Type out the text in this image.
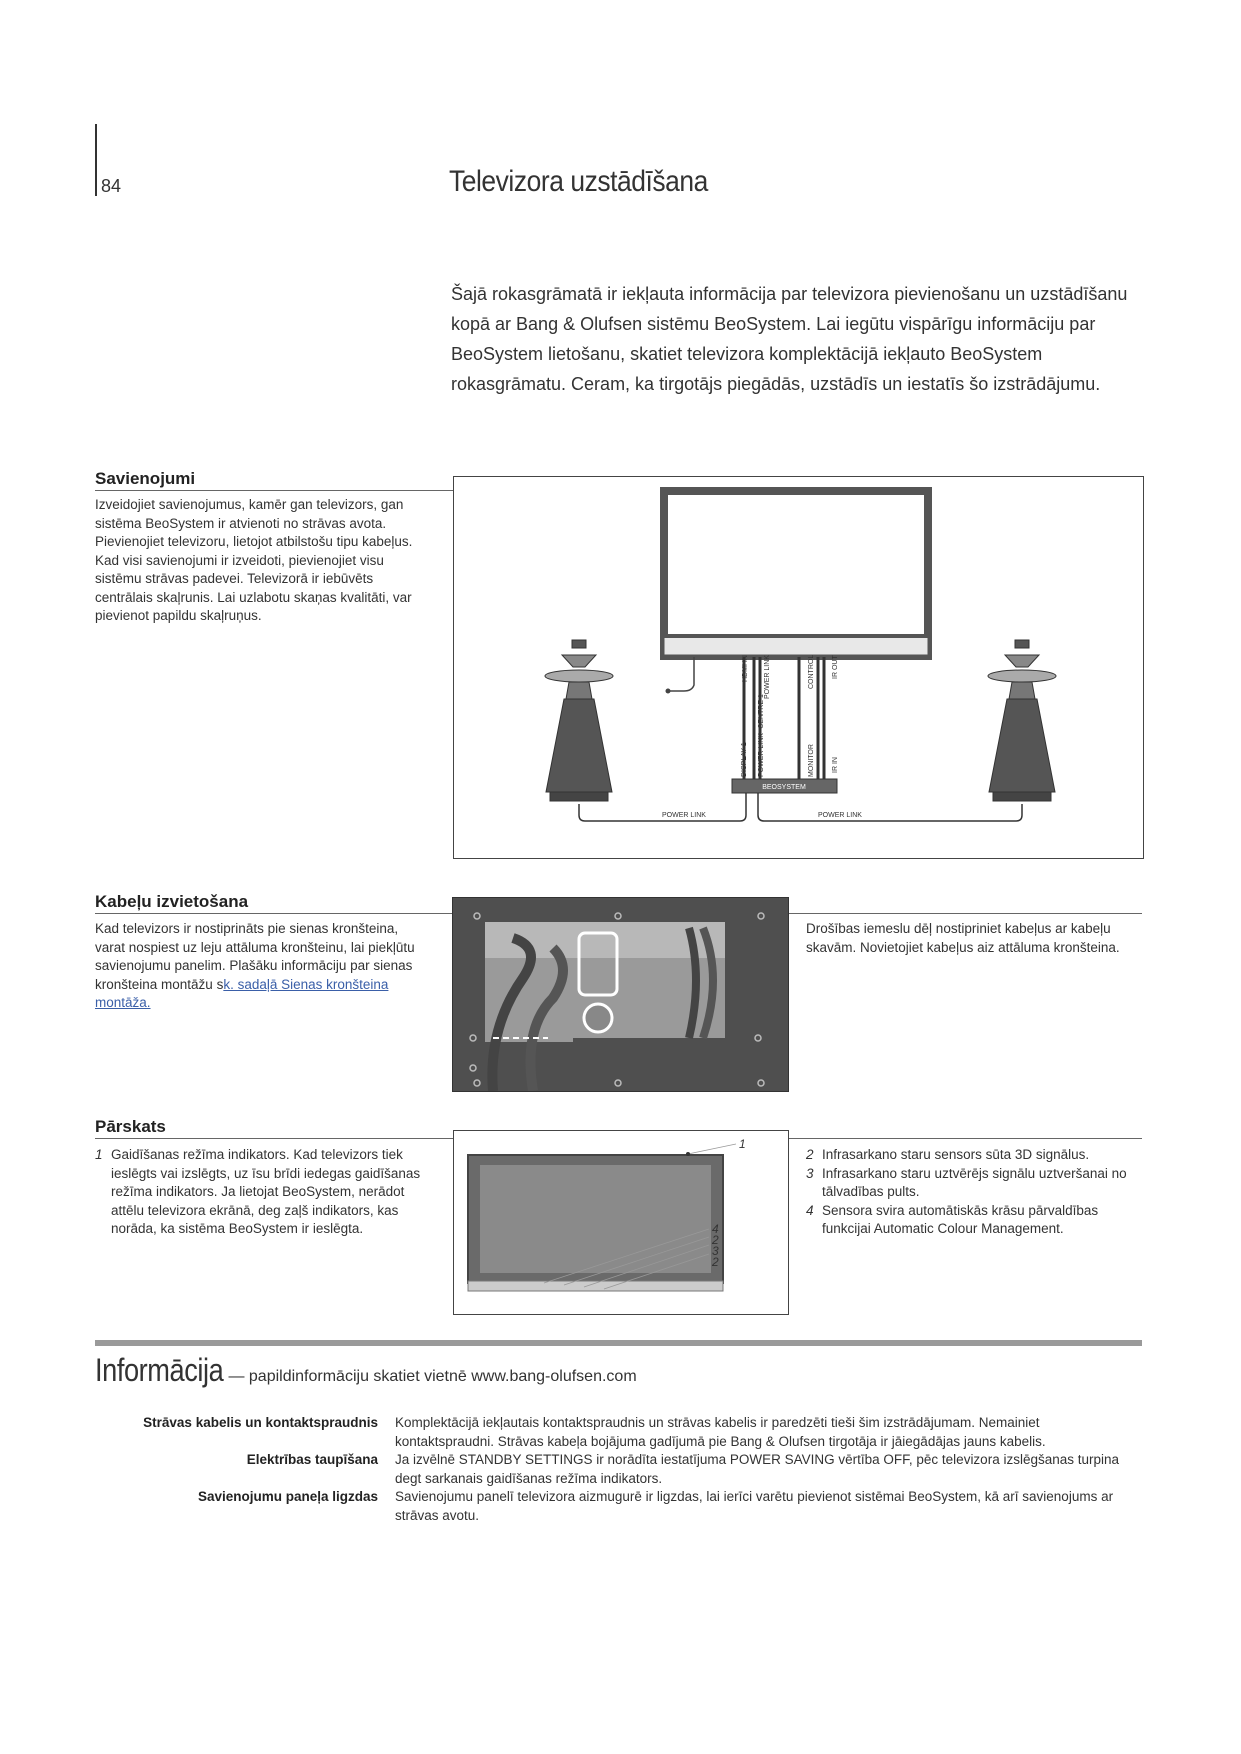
84	Televizora uzstādīšana
Šajā rokasgrāmatā ir iekļauta informācija par televizora pievienošanu un uzstādīšanu kopā ar Bang & Olufsen sistēmu BeoSystem. Lai iegūtu vispārīgu informāciju par BeoSystem lietošanu, skatiet televizora komplektācijā iekļauto BeoSystem rokasgrāmatu. Ceram, ka tirgotājs piegādās, uzstādīs un iestatīs šo izstrādājumu.
Savienojumi
Izveidojiet savienojumus, kamēr gan televizors, gan sistēma BeoSystem ir atvienoti no strāvas avota. Pievienojiet televizoru, lietojot atbilstošu tipu kabeļus. Kad visi savienojumi ir izveidoti, pievienojiet visu sistēmu strāvas padevei. Televizorā ir iebūvēts centrālais skaļrunis. Lai uzlabotu skaņas kvalitāti, var pievienot papildu skaļruņus.
HDMI IN POWER LINK	CONTROL IR OUT
DISPLAY 1 POWER LINK -CENTRE 1	MONITOR IR IN
BEOSYSTEM
POWER LINK	POWER LINK
Kabeļu izvietošana
Kad televizors ir nostiprināts pie sienas kronšteina, varat nospiest uz leju attāluma kronšteinu, lai piekļūtu savienojumu panelim. Plašāku informāciju par sienas kronšteina montāžu sk. sadaļā Sienas kronšteina montāža.
Drošības iemeslu dēļ nostipriniet kabeļus ar kabeļu skavām. Novietojiet kabeļus aiz attāluma kronšteina.
Pārskats
1 Gaidīšanas režīma indikators. Kad televizors tiek ieslēgts vai izslēgts, uz īsu brīdi iedegas gaidīšanas režīma indikators. Ja lietojat BeoSystem, nerādot attēlu televizora ekrānā, deg zaļš indikators, kas norāda, ka sistēma BeoSystem ir ieslēgta.
2 Infrasarkano staru sensors sūta 3D signālus.
3 Infrasarkano staru uztvērējs signālu uztveršanai no tālvadības pults.
4 Sensora svira automātiskās krāsu pārvaldības funkcijai Automatic Colour Management.
1
4
2
3
2
Informācija — papildinformāciju skatiet vietnē www.bang-olufsen.com
Strāvas kabelis un kontaktspraudnis	Komplektācijā iekļautais kontaktspraudnis un strāvas kabelis ir paredzēti tieši šim izstrādājumam. Nemainiet kontaktspraudni. Strāvas kabeļa bojājuma gadījumā pie Bang & Olufsen tirgotāja ir jāiegādājas jauns kabelis.
Elektrības taupīšana	Ja izvēlnē STANDBY SETTINGS ir norādīta iestatījuma POWER SAVING vērtība OFF, pēc televizora izslēgšanas turpina degt sarkanais gaidīšanas režīma indikators.
Savienojumu paneļa ligzdas	Savienojumu panelī televizora aizmugurē ir ligzdas, lai ierīci varētu pievienot sistēmai BeoSystem, kā arī savienojums ar strāvas avotu.
